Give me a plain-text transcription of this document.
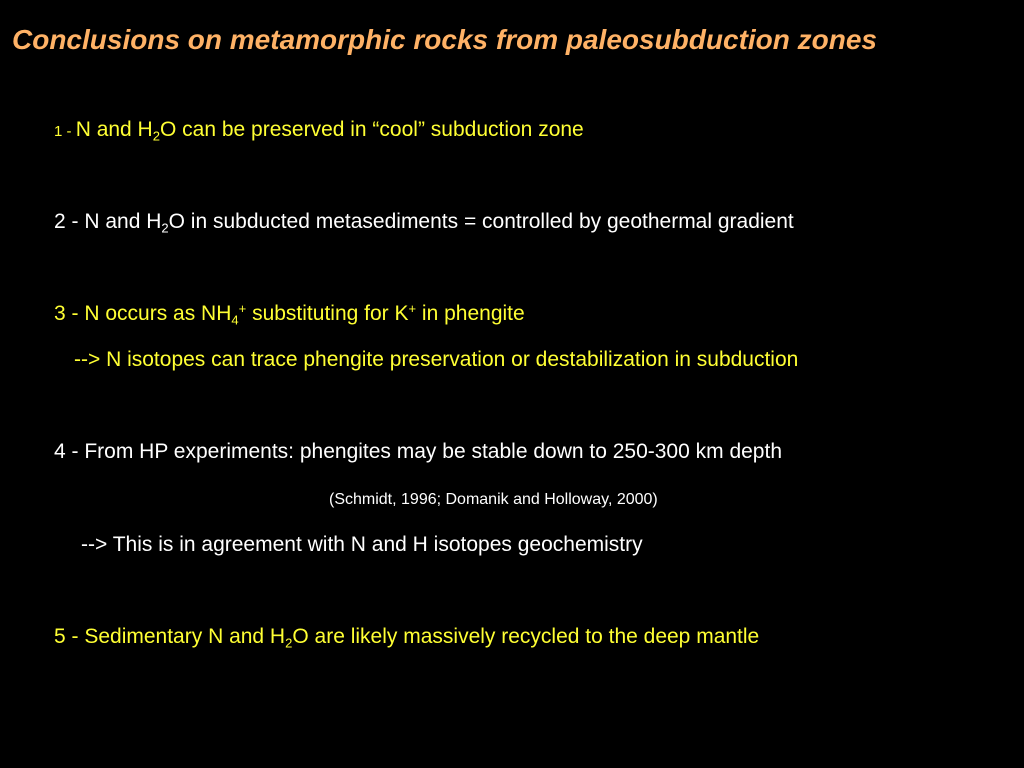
Conclusions on metamorphic rocks from paleosubduction zones
1 - N and $H_2O$ can be preserved in “cool” subduction zone
2 - N and $H_2O$ in subducted metasediments = controlled by geothermal gradient
3 - N occurs as $NH_4^+$ substituting for K+ in phengite
--> N isotopes can trace phengite preservation or destabilization in subduction
4 - From HP experiments: phengites may be stable down to 250-300 km depth
(Schmidt, 1996; Domanik and Holloway, 2000)
--> This is in agreement with N and H isotopes geochemistry
5 - Sedimentary N and $H_2O$ are likely massively recycled to the deep mantle
